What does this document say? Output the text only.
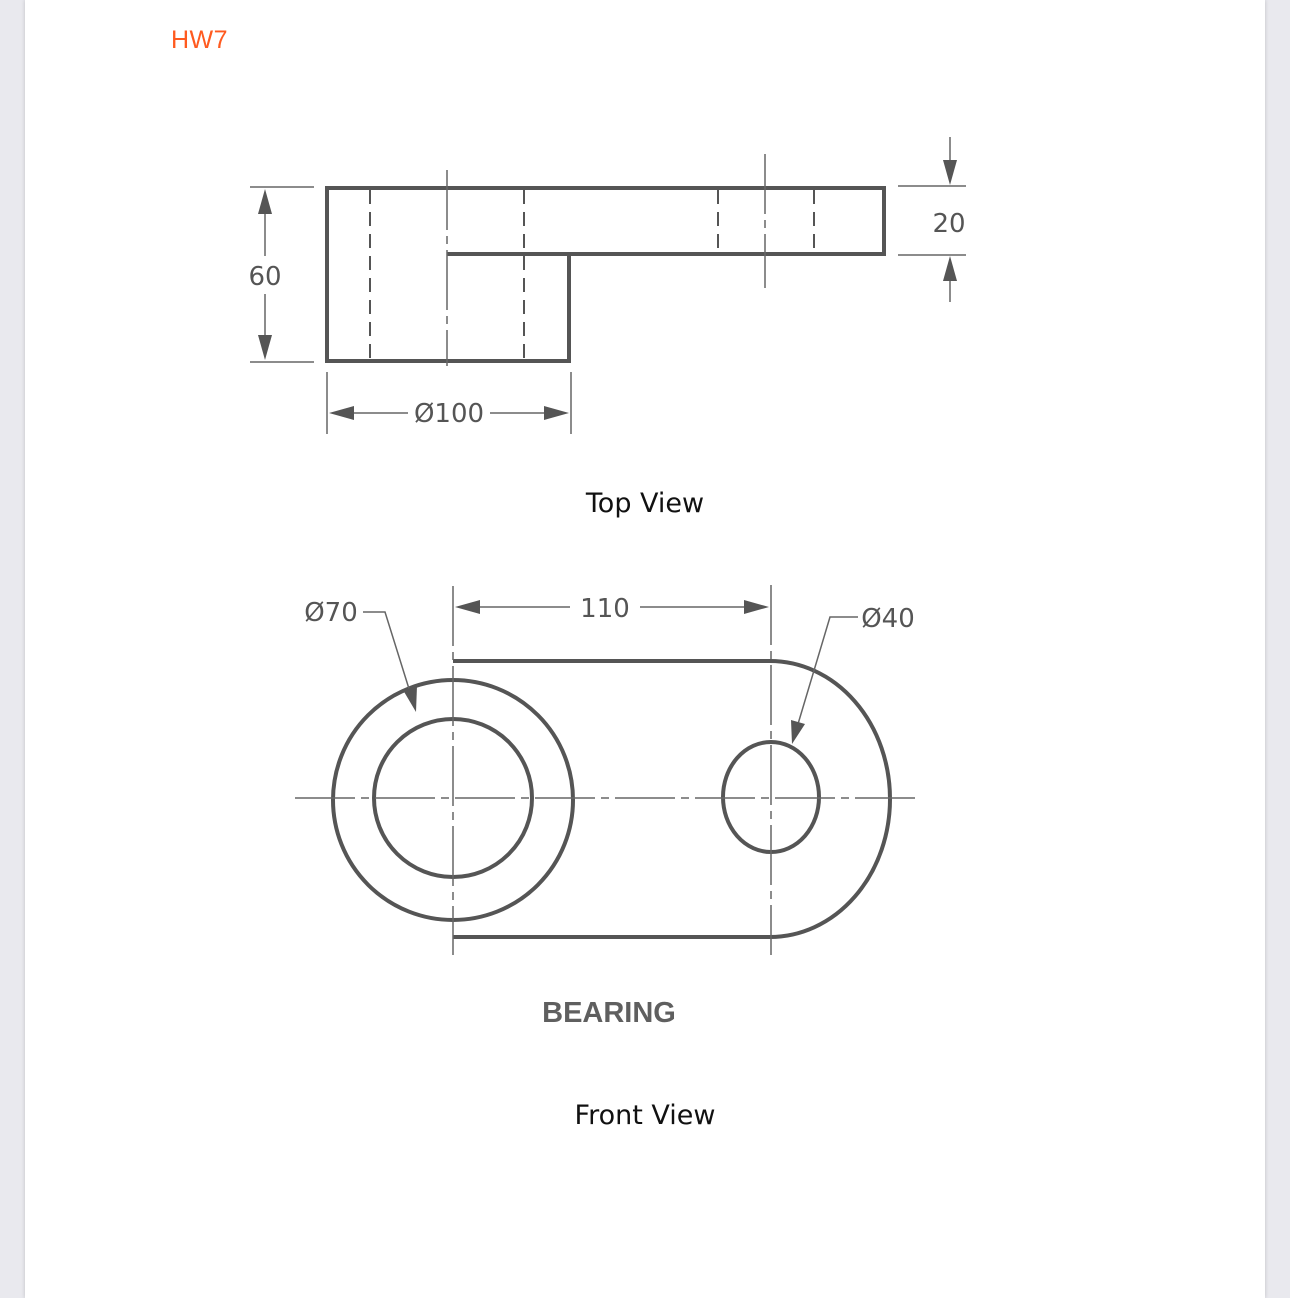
HW7
60
20
Ø100
Top View
110
Ø70	Ø40
BEARING
Front View
